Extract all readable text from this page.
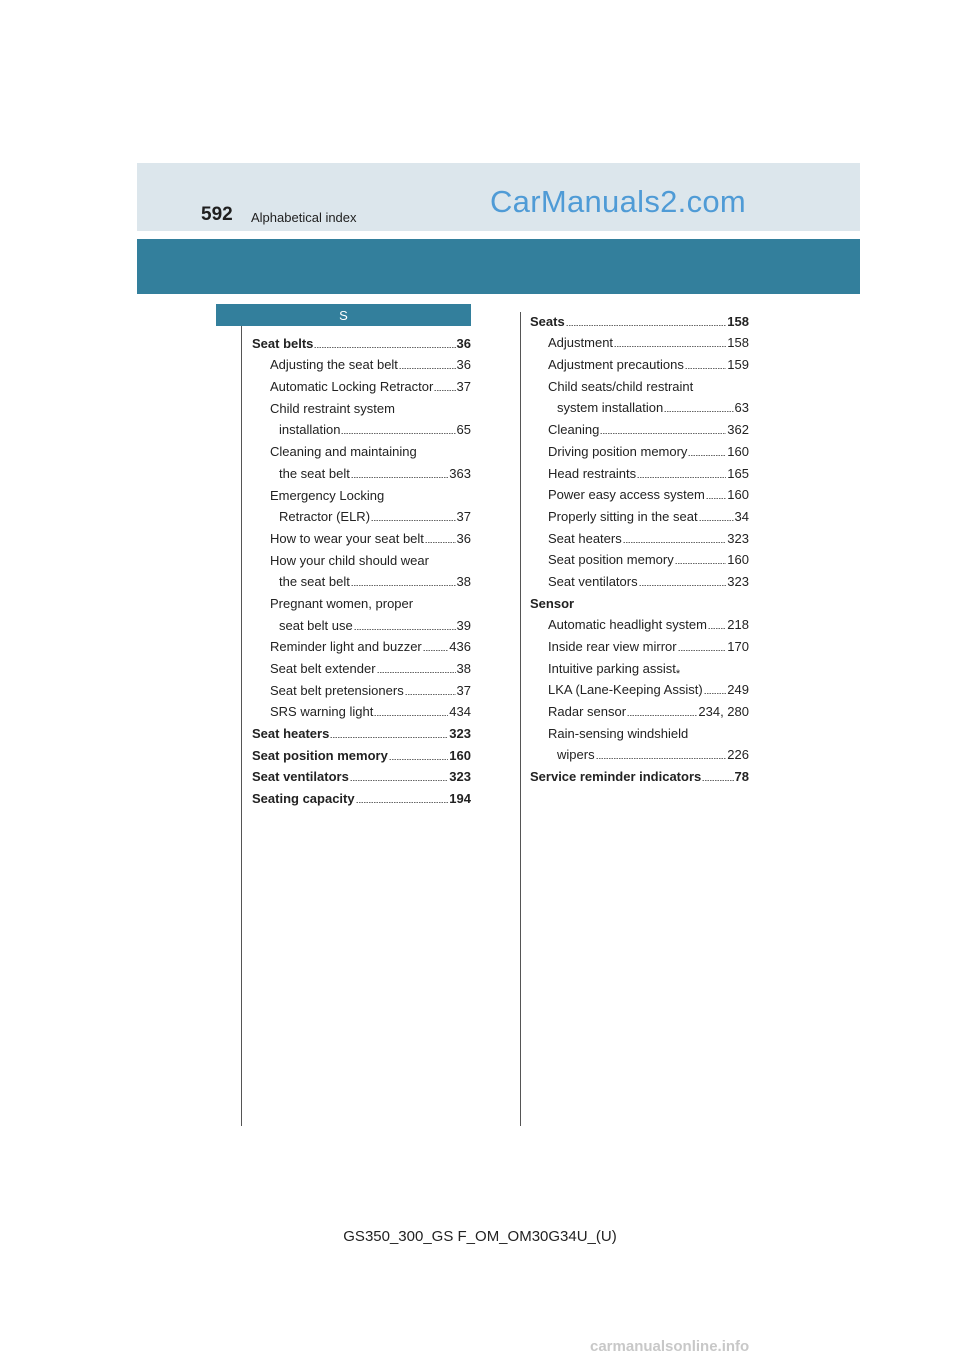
592 Alphabetical index	CarManuals2.com
S
Seat belts	36
Adjusting the seat belt	36
Automatic Locking Retractor 37
Child restraint system
installation	65
Cleaning and maintaining
the seat belt	363
Emergency Locking
Retractor (ELR)	37
How to wear your seat belt	36
How your child should wear
the seat belt	38
Pregnant women, proper
seat belt use	39
Reminder light and buzzer 436
Seat belt extender	38
Seat belt pretensioners	37
SRS warning light	434
Seat heaters	323
Seat position memory	160
Seat ventilators	323
Seating capacity	194
Seats	158
Adjustment	158
Adjustment precautions	159
Child seats/child restraint
system installation	63
Cleaning	362
Driving position memory	160
Head restraints	165
Power easy access system 160
Properly sitting in the seat	34
Seat heaters	323
Seat position memory	160
Seat ventilators	323
Sensor
Automatic headlight system 218
Inside rear view mirror	170
Intuitive parking assist*
LKA (Lane-Keeping Assist) 249
Radar sensor	234, 280
Rain-sensing windshield
wipers	226
Service reminder indicators	78
GS350_300_GS F_OM_OM30G34U_(U)
carmanualsonline.info
